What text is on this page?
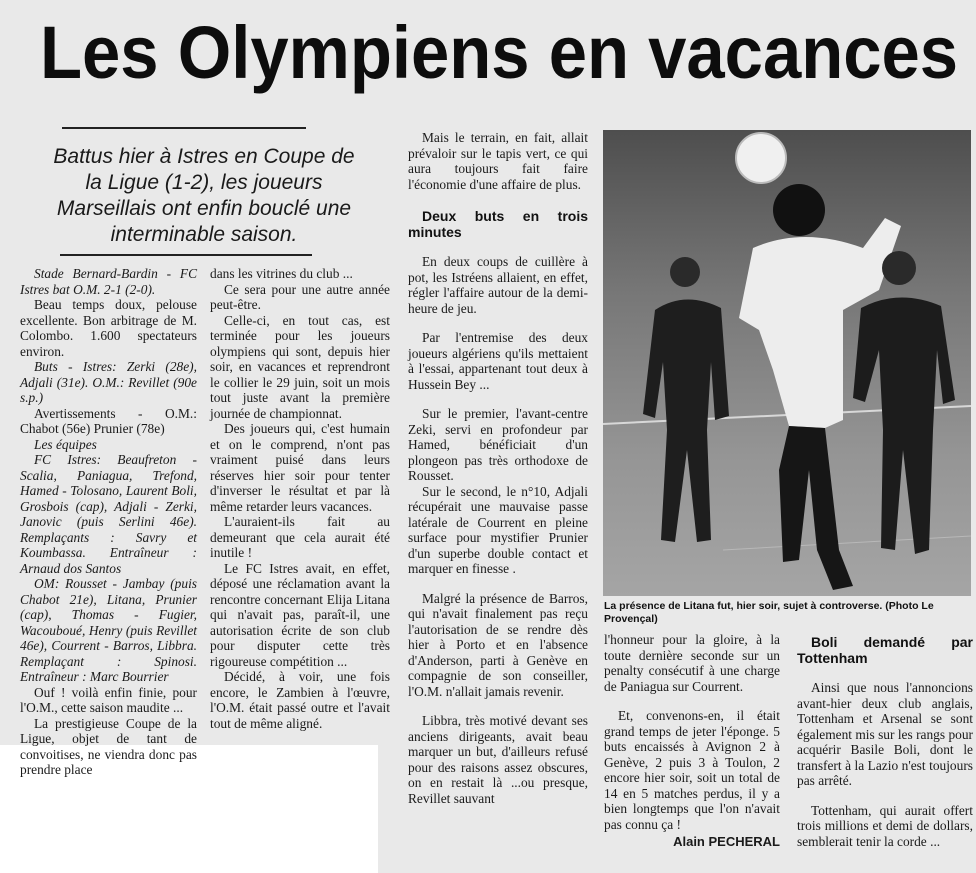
Les Olympiens en vacances
Battus hier à Istres en Coupe de
la Ligue (1-2), les joueurs
Marseillais ont enfin bouclé une
interminable saison.

Stade Bernard-Bardin - FC Istres bat O.M. 2-1 (2-0).

Beau temps doux, pelouse excellente. Bon arbitrage de M. Colombo. 1.600 spectateurs environ.

Buts - Istres: Zerki (28e), Adjali (31e). O.M.: Revillet (90e s.p.)

Avertissements - O.M.: Chabot (56e) Prunier (78e)

Les équipes

FC Istres: Beaufreton - Scalia, Paniagua, Trefond, Hamed - Tolosano, Laurent Boli, Grosbois (cap), Adjali - Zerki, Janovic (puis Serlini 46e). Remplaçants : Savry et Koumbassa. Entraîneur : Arnaud dos Santos

OM: Rousset - Jambay (puis Chabot 21e), Litana, Prunier (cap), Thomas - Fugier, Wacouboué, Henry (puis Revillet 46e), Courrent - Barros, Libbra. Remplaçant : Spinosi. Entraîneur : Marc Bourrier

Ouf ! voilà enfin finie, pour l'O.M., cette saison maudite ...

La prestigieuse Coupe de la Ligue, objet de tant de convoitises, ne viendra donc pas prendre place

dans les vitrines du club ...

Ce sera pour une autre année peut-être.

Celle-ci, en tout cas, est terminée pour les joueurs olympiens qui sont, depuis hier soir, en vacances et reprendront le collier le 29 juin, soit un mois tout juste avant la première journée de championnat.

Des joueurs qui, c'est humain et on le comprend, n'ont pas vraiment puisé dans leurs réserves hier soir pour tenter d'inverser le résultat et par là même retarder leurs vacances.

L'auraient-ils fait au demeurant que cela aurait été inutile !

Le FC Istres avait, en effet, déposé une réclamation avant la rencontre concernant Elija Litana qui n'avait pas, paraît-il, une autorisation écrite de son club pour disputer cette très rigoureuse compétition ...

Décidé, à voir, une fois encore, le Zambien à l'œuvre, l'O.M. était passé outre et l'avait tout de même aligné.

Mais le terrain, en fait, allait prévaloir sur le tapis vert, ce qui aura toujours fait faire l'économie d'une affaire de plus.

Deux buts en trois minutes

En deux coups de cuillère à pot, les Istréens allaient, en effet, régler l'affaire autour de la demi-heure de jeu.

Par l'entremise des deux joueurs algériens qu'ils mettaient à l'essai, appartenant tout deux à Hussein Bey ...

Sur le premier, l'avant-centre Zeki, servi en profondeur par Hamed, bénéficiait d'un plongeon pas très orthodoxe de Rousset.

Sur le second, le n°10, Adjali récupérait une mauvaise passe latérale de Courrent en pleine surface pour mystifier Prunier d'un superbe double contact et marquer en finesse .

Malgré la présence de Barros, qui n'avait finalement pas reçu l'autorisation de se rendre dès hier à Porto et en l'absence d'Anderson, parti à Genève en compagnie de son conseiller, l'O.M. n'allait jamais revenir.

Libbra, très motivé devant ses anciens dirigeants, avait beau marquer un but, d'ailleurs refusé pour des raisons assez obscures, on en restait là ...ou presque, Revillet sauvant

La présence de Litana fut, hier soir, sujet à controverse. (Photo Le Provençal)

l'honneur pour la gloire, à la toute dernière seconde sur un penalty consécutif à une charge de Paniagua sur Courrent.

Et, convenons-en, il était grand temps de jeter l'éponge. 5 buts encaissés à Avignon 2 à Genève, 2 puis 3 à Toulon, 2 encore hier soir, soit un total de 14 en 5 matches perdus, il y a bien longtemps que l'on n'avait pas connu ça !

Alain PECHERAL

Boli demandé par Tottenham

Ainsi que nous l'annoncions avant-hier deux club anglais, Tottenham et Arsenal se sont également mis sur les rangs pour acquérir Basile Boli, dont le transfert à la Lazio n'est toujours pas arrêté.

Tottenham, qui aurait offert trois millions et demi de dollars, semblerait tenir la corde ...
